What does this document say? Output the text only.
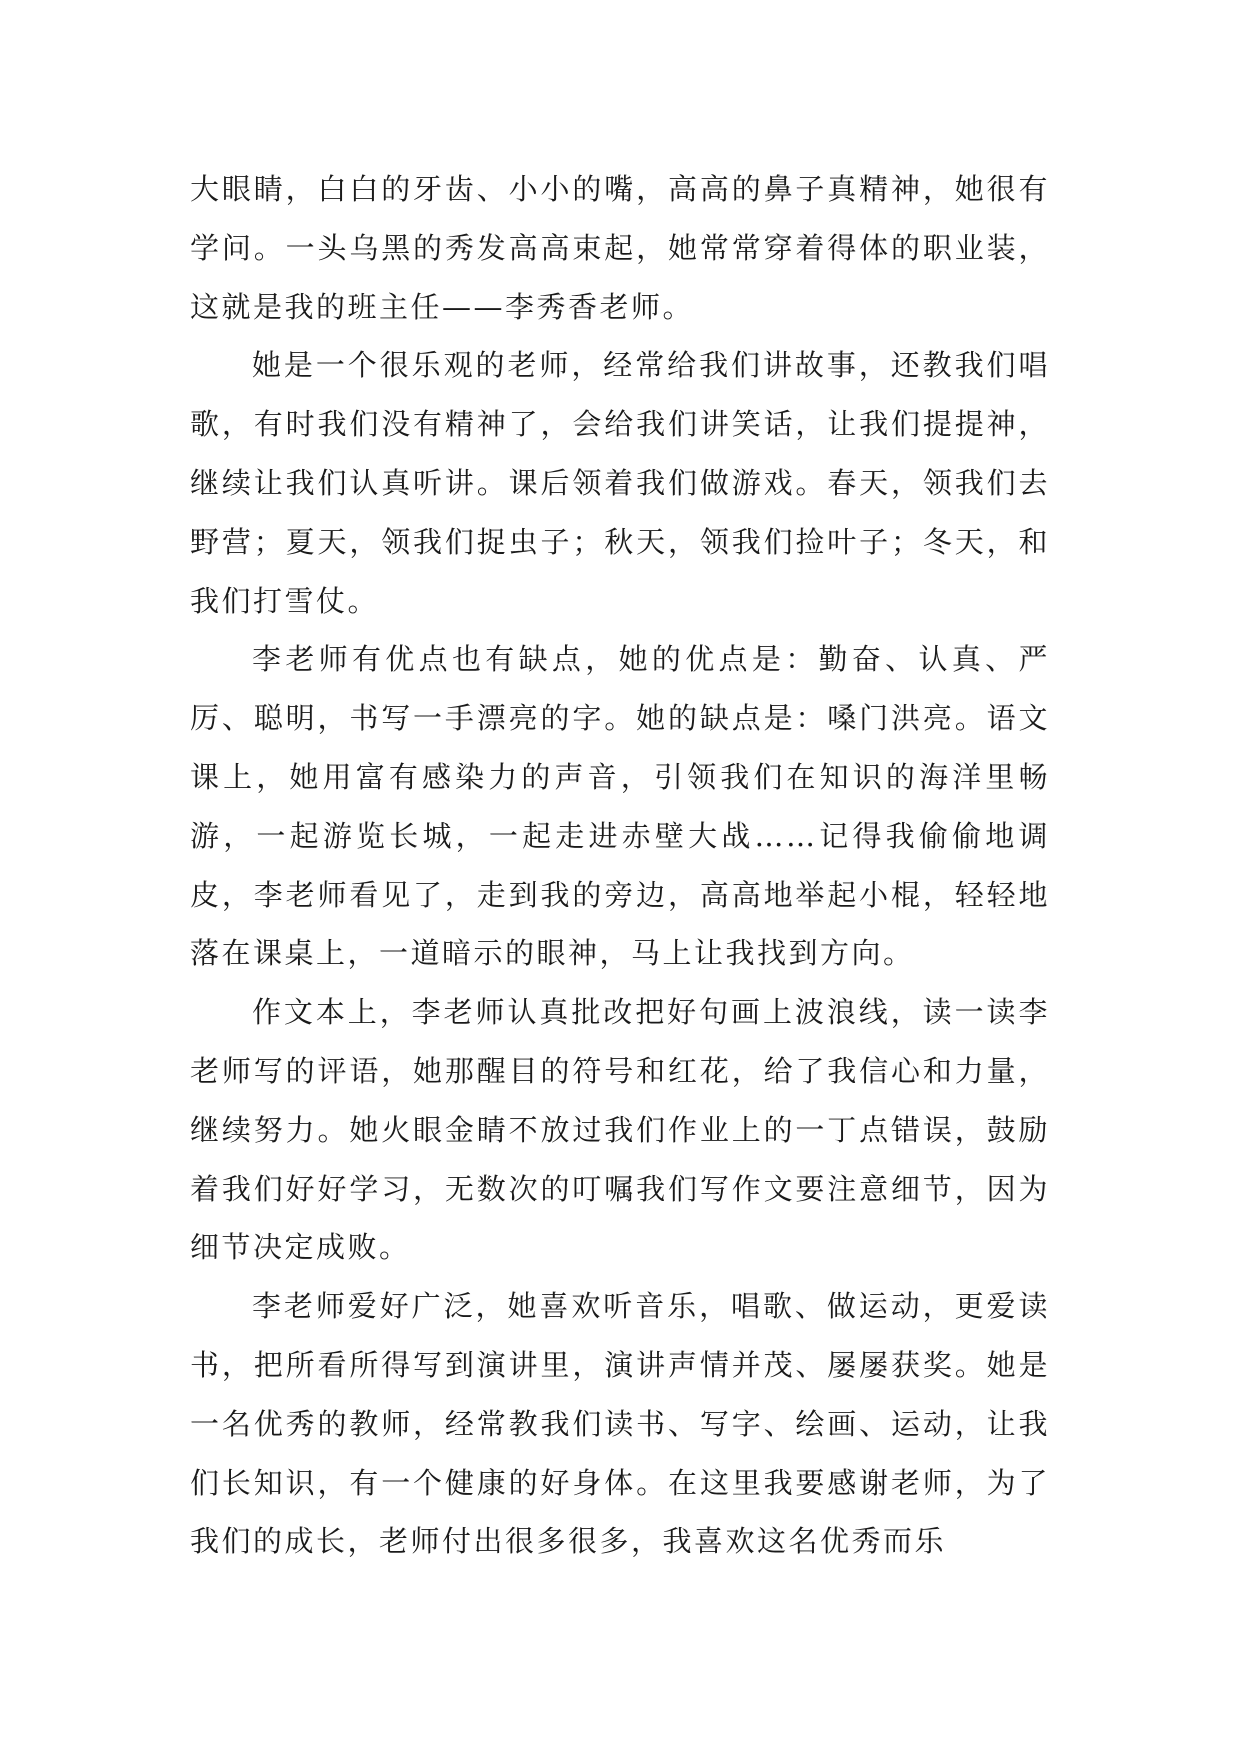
大眼睛，白白的牙齿、小小的嘴，高高的鼻子真精神，她很有学问。一头乌黑的秀发高高束起，她常常穿着得体的职业装，这就是我的班主任——李秀香老师。

她是一个很乐观的老师，经常给我们讲故事，还教我们唱歌，有时我们没有精神了，会给我们讲笑话，让我们提提神，继续让我们认真听讲。课后领着我们做游戏。春天，领我们去野营；夏天，领我们捉虫子；秋天，领我们捡叶子；冬天，和我们打雪仗。

李老师有优点也有缺点，她的优点是：勤奋、认真、严厉、聪明，书写一手漂亮的字。她的缺点是：嗓门洪亮。语文课上，她用富有感染力的声音，引领我们在知识的海洋里畅游，一起游览长城，一起走进赤壁大战……记得我偷偷地调皮，李老师看见了，走到我的旁边，高高地举起小棍，轻轻地落在课桌上，一道暗示的眼神，马上让我找到方向。

作文本上，李老师认真批改把好句画上波浪线，读一读李老师写的评语，她那醒目的符号和红花，给了我信心和力量，继续努力。她火眼金睛不放过我们作业上的一丁点错误，鼓励着我们好好学习，无数次的叮嘱我们写作文要注意细节，因为细节决定成败。

李老师爱好广泛，她喜欢听音乐，唱歌、做运动，更爱读书，把所看所得写到演讲里，演讲声情并茂、屡屡获奖。她是一名优秀的教师，经常教我们读书、写字、绘画、运动，让我们长知识，有一个健康的好身体。在这里我要感谢老师，为了我们的成长，老师付出很多很多，我喜欢这名优秀而乐
